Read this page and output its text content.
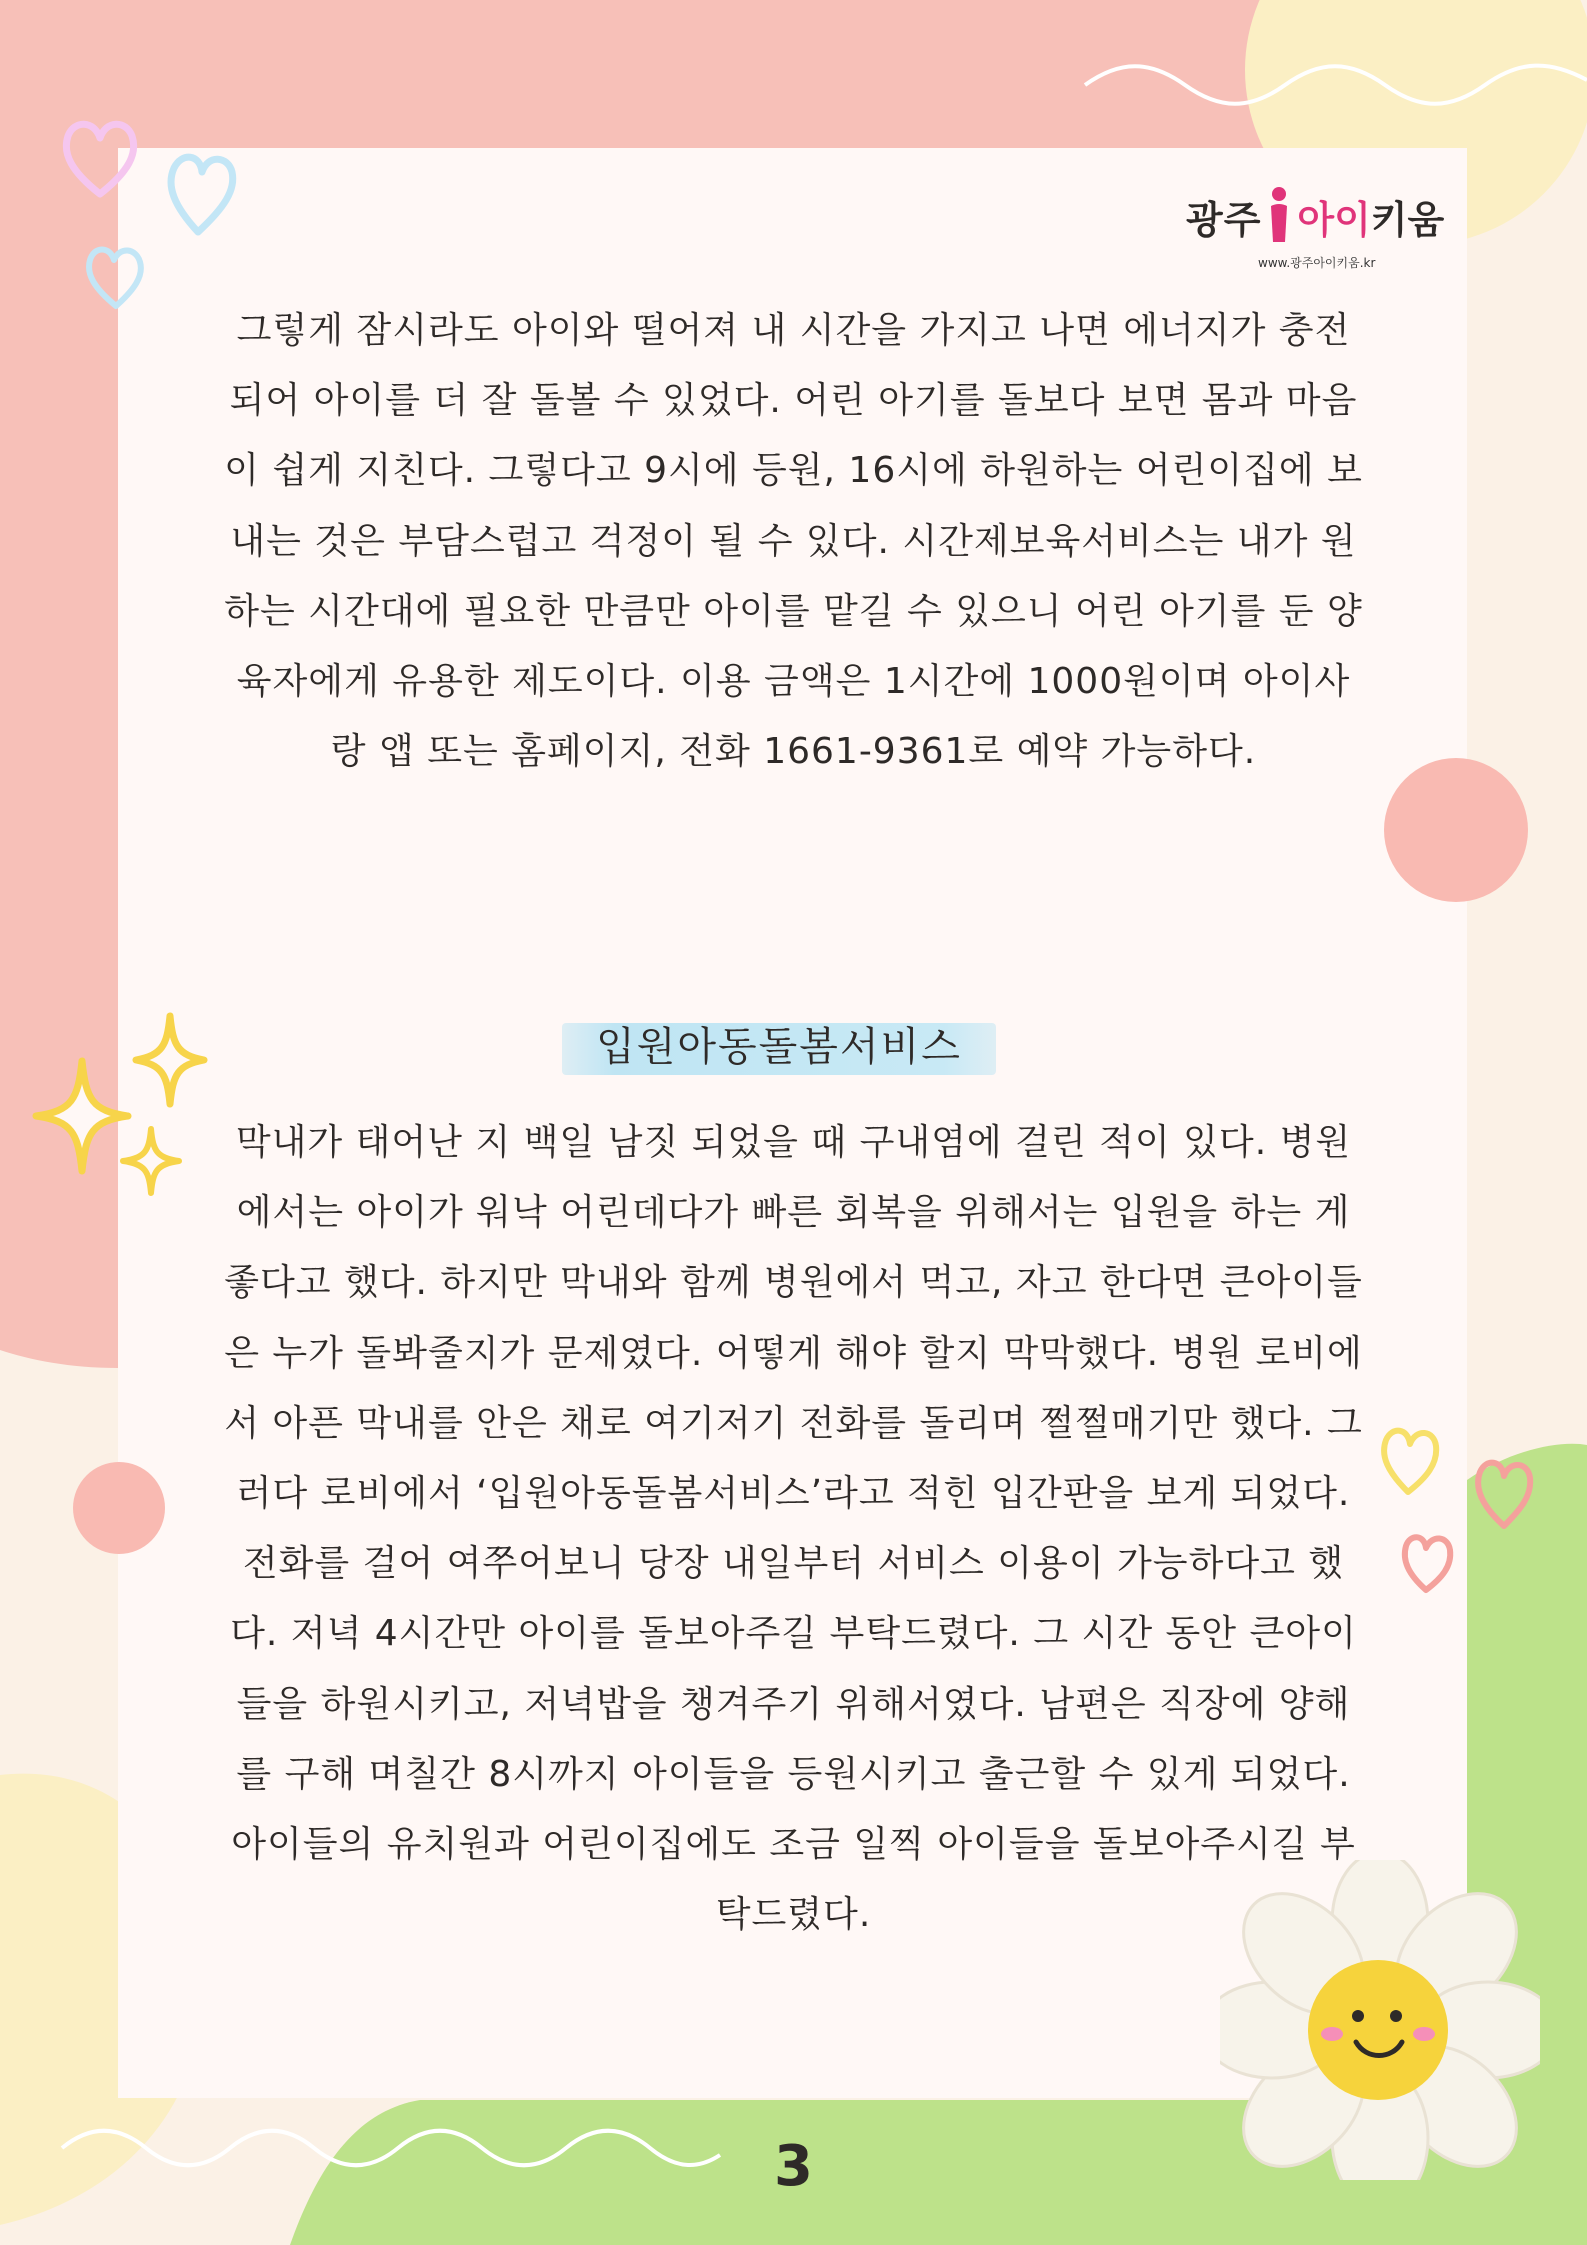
광주 아이 키움
www.광주아이키움.kr

그렇게 잠시라도 아이와 떨어져 내 시간을 가지고 나면 에너지가 충전되어 아이를 더 잘 돌볼 수 있었다. 어린 아기를 돌보다 보면 몸과 마음이 쉽게 지친다. 그렇다고 9시에 등원, 16시에 하원하는 어린이집에 보내는 것은 부담스럽고 걱정이 될 수 있다. 시간제보육서비스는 내가 원하는 시간대에 필요한 만큼만 아이를 맡길 수 있으니 어린 아기를 둔 양육자에게 유용한 제도이다. 이용 금액은 1시간에 1000원이며 아이사랑 앱 또는 홈페이지, 전화 1661-9361로 예약 가능하다.

입원아동돌봄서비스

막내가 태어난 지 백일 남짓 되었을 때 구내염에 걸린 적이 있다. 병원에서는 아이가 워낙 어린데다가 빠른 회복을 위해서는 입원을 하는 게 좋다고 했다. 하지만 막내와 함께 병원에서 먹고, 자고 한다면 큰아이들은 누가 돌봐줄지가 문제였다. 어떻게 해야 할지 막막했다. 병원 로비에서 아픈 막내를 안은 채로 여기저기 전화를 돌리며 쩔쩔매기만 했다. 그러다 로비에서 ‘입원아동돌봄서비스’라고 적힌 입간판을 보게 되었다. 전화를 걸어 여쭈어보니 당장 내일부터 서비스 이용이 가능하다고 했다. 저녁 4시간만 아이를 돌보아주길 부탁드렸다. 그 시간 동안 큰아이들을 하원시키고, 저녁밥을 챙겨주기 위해서였다. 남편은 직장에 양해를 구해 며칠간 8시까지 아이들을 등원시키고 출근할 수 있게 되었다. 아이들의 유치원과 어린이집에도 조금 일찍 아이들을 돌보아주시길 부탁드렸다.

3
